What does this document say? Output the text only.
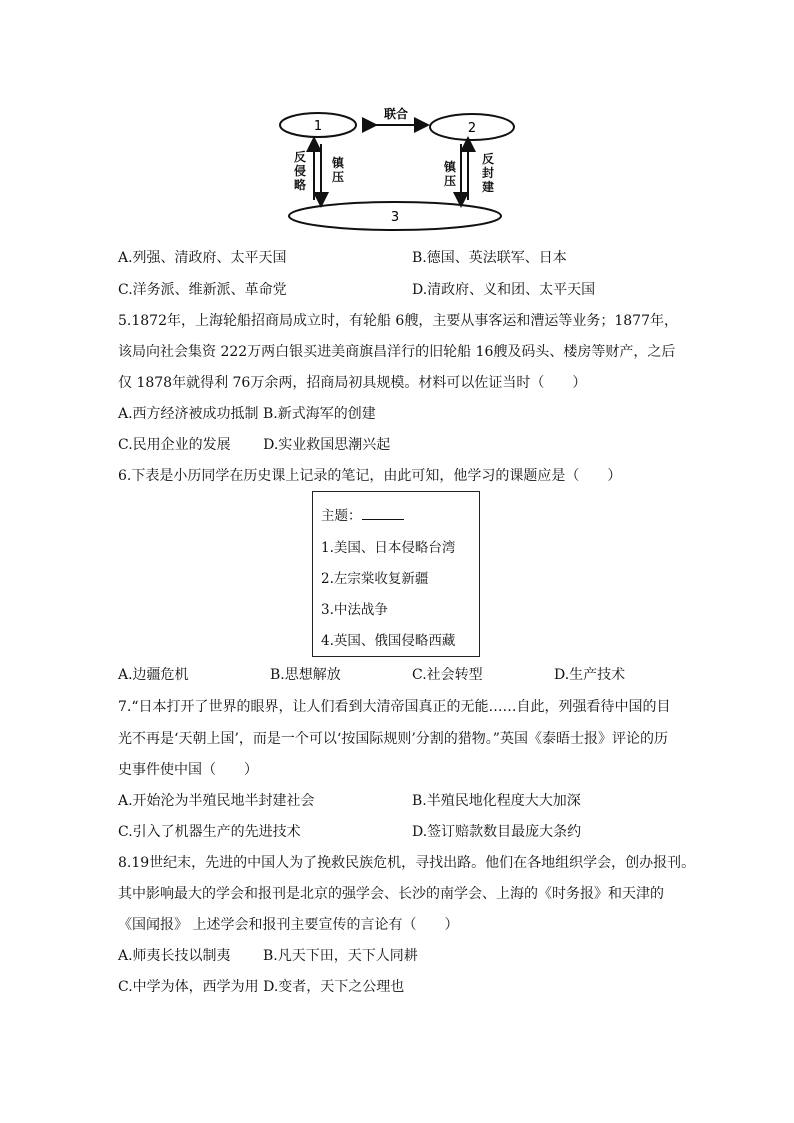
1	2
3
联合
反侵略
镇压
镇压
反封建
A.列强、清政府、太平天国	B.德国、英法联军、日本
C.洋务派、维新派、革命党	D.清政府、义和团、太平天国
5.1872年，上海轮船招商局成立时，有轮船 6艘，主要从事客运和漕运等业务；1877年，
该局向社会集资 222万两白银买进美商旗昌洋行的旧轮船 16艘及码头、楼房等财产，之后
仅 1878年就得利 76万余两，招商局初具规模。材料可以佐证当时（　　）
A.西方经济被成功抵制 B.新式海军的创建
C.民用企业的发展　　 D.实业救国思潮兴起
6.下表是小历同学在历史课上记录的笔记，由此可知，他学习的课题应是（　　）
主题：
1.美国、日本侵略台湾
2.左宗棠收复新疆
3.中法战争
4.英国、俄国侵略西藏
A.边疆危机	B.思想解放	C.社会转型	D.生产技术
7.“日本打开了世界的眼界，让人们看到大清帝国真正的无能……自此，列强看待中国的目
光不再是‘天朝上国’，而是一个可以‘按国际规则’分割的猎物。”英国《泰晤士报》评论的历
史事件使中国（　　）
A.开始沦为半殖民地半封建社会	B.半殖民地化程度大大加深
C.引入了机器生产的先进技术	D.签订赔款数目最庞大条约
8.19世纪末，先进的中国人为了挽救民族危机，寻找出路。他们在各地组织学会，创办报刊。
其中影响最大的学会和报刊是北京的强学会、长沙的南学会、上海的《时务报》和天津的
《国闻报》 上述学会和报刊主要宣传的言论有（　　）
A.师夷长技以制夷　　 B.凡天下田，天下人同耕
C.中学为体，西学为用 D.变者，天下之公理也
